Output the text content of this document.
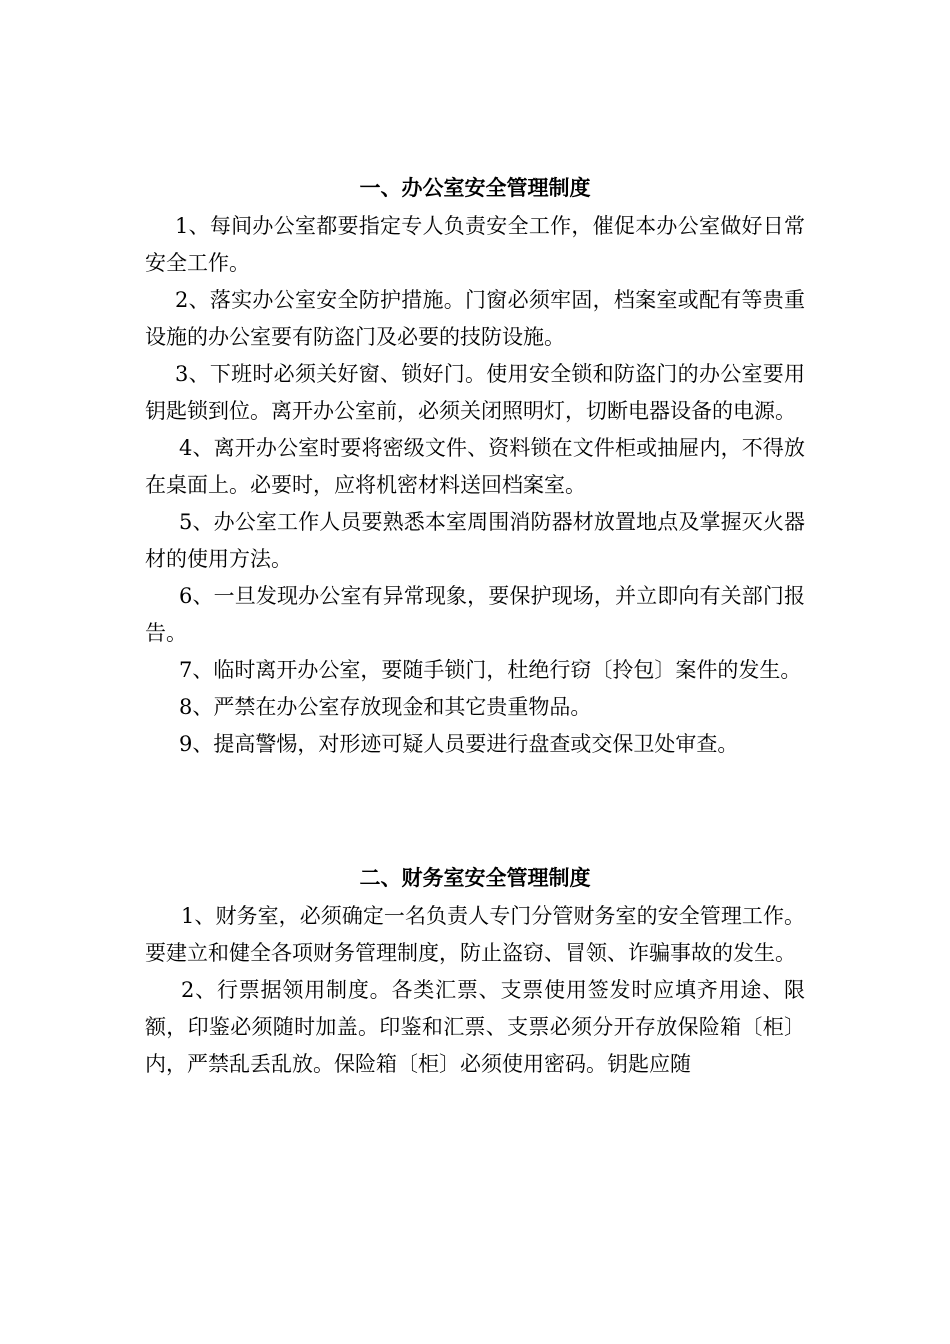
一、办公室安全管理制度

1、每间办公室都要指定专人负责安全工作，催促本办公室做好日常安全工作。

2、落实办公室安全防护措施。门窗必须牢固，档案室或配有等贵重设施的办公室要有防盗门及必要的技防设施。

3、下班时必须关好窗、锁好门。使用安全锁和防盗门的办公室要用钥匙锁到位。离开办公室前，必须关闭照明灯，切断电器设备的电源。

4、离开办公室时要将密级文件、资料锁在文件柜或抽屉内，不得放在桌面上。必要时，应将机密材料送回档案室。

5、办公室工作人员要熟悉本室周围消防器材放置地点及掌握灭火器材的使用方法。

6、一旦发现办公室有异常现象，要保护现场，并立即向有关部门报告。

7、临时离开办公室，要随手锁门，杜绝行窃〔拎包〕案件的发生。

8、严禁在办公室存放现金和其它贵重物品。

9、提高警惕，对形迹可疑人员要进行盘查或交保卫处审查。

二、财务室安全管理制度

1、财务室，必须确定一名负责人专门分管财务室的安全管理工作。要建立和健全各项财务管理制度，防止盗窃、冒领、诈骗事故的发生。

2、行票据领用制度。各类汇票、支票使用签发时应填齐用途、限额，印鉴必须随时加盖。印鉴和汇票、支票必须分开存放保险箱〔柜〕内，严禁乱丢乱放。保险箱〔柜〕必须使用密码。钥匙应随
